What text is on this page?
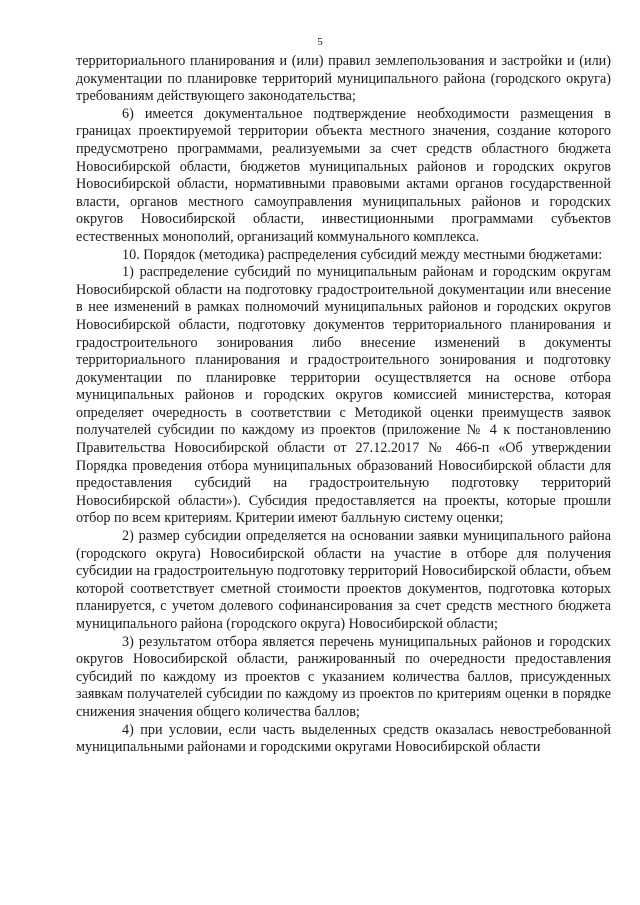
5

территориального планирования и (или) правил землепользования и застройки и (или) документации по планировке территорий муниципального района (городского округа) требованиям действующего законодательства;

6) имеется документальное подтверждение необходимости размещения в границах проектируемой территории объекта местного значения, создание которого предусмотрено программами, реализуемыми за счет средств областного бюджета Новосибирской области, бюджетов муниципальных районов и городских округов Новосибирской области, нормативными правовыми актами органов государственной власти, органов местного самоуправления муниципальных районов и городских округов Новосибирской области, инвестиционными программами субъектов естественных монополий, организаций коммунального комплекса.

10. Порядок (методика) распределения субсидий между местными бюджетами:

1) распределение субсидий по муниципальным районам и городским округам Новосибирской области на подготовку градостроительной документации или внесение в нее изменений в рамках полномочий муниципальных районов и городских округов Новосибирской области, подготовку документов территориального планирования и градостроительного зонирования либо внесение изменений в документы территориального планирования и градостроительного зонирования и подготовку документации по планировке территории осуществляется на основе отбора муниципальных районов и городских округов комиссией министерства, которая определяет очередность в соответствии с Методикой оценки преимуществ заявок получателей субсидии по каждому из проектов (приложение № 4 к постановлению Правительства Новосибирской области от 27.12.2017 № 466-п «Об утверждении Порядка проведения отбора муниципальных образований Новосибирской области для предоставления субсидий на градостроительную подготовку территорий Новосибирской области»). Субсидия предоставляется на проекты, которые прошли отбор по всем критериям. Критерии имеют балльную систему оценки;

2) размер субсидии определяется на основании заявки муниципального района (городского округа) Новосибирской области на участие в отборе для получения субсидии на градостроительную подготовку территорий Новосибирской области, объем которой соответствует сметной стоимости проектов документов, подготовка которых планируется, с учетом долевого софинансирования за счет средств местного бюджета муниципального района (городского округа) Новосибирской области;

3) результатом отбора является перечень муниципальных районов и городских округов Новосибирской области, ранжированный по очередности предоставления субсидий по каждому из проектов с указанием количества баллов, присужденных заявкам получателей субсидии по каждому из проектов по критериям оценки в порядке снижения значения общего количества баллов;

4) при условии, если часть выделенных средств оказалась невостребованной муниципальными районами и городскими округами Новосибирской области
